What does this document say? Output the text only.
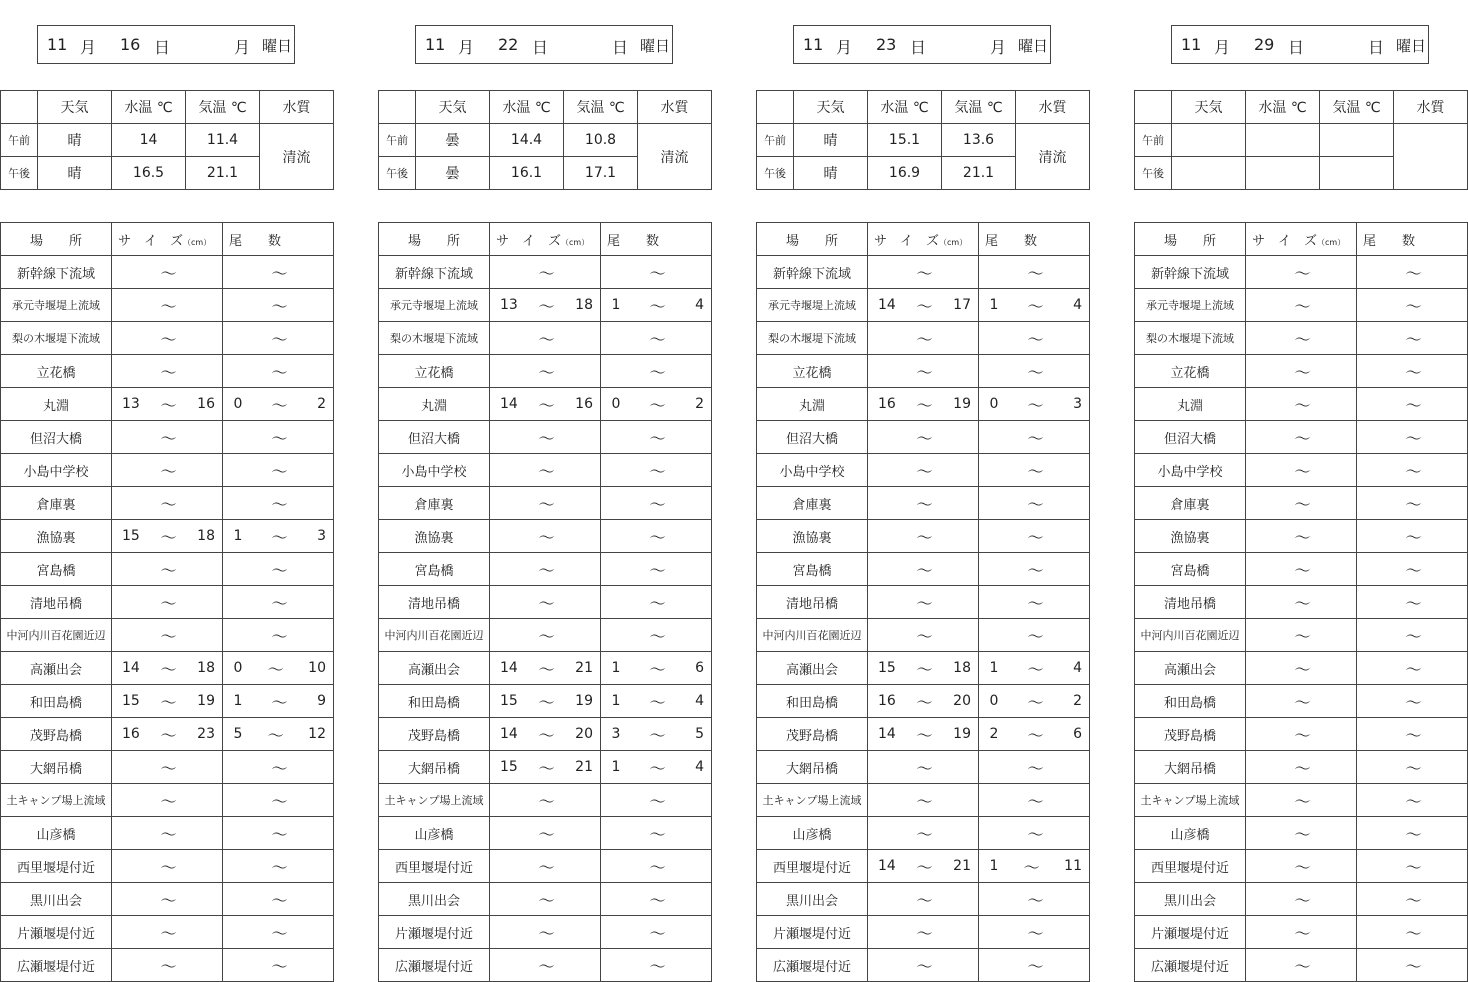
11 月 16 日	月 曜日
	天気	水温 ℃	気温 ℃	水質
午前	晴	14	11.4	清流
午後	晴	16.5	21.1	
場　　所	サ　イ　ズ（cm）	尾　　数
新幹線下流域	〜	〜

承元寺堰堤上流域	〜	〜

梨の木堰堤下流域	〜	〜

立花橋	〜	〜

丸淵	13 〜 16	0 〜 2

但沼大橋	〜	〜

小島中学校	〜	〜

倉庫裏	〜	〜

漁協裏	15 〜 18	1 〜 3

宮島橋	〜	〜

清地吊橋	〜	〜

中河内川百花園近辺	〜	〜

高瀬出会	14 〜 18	0 〜 10

和田島橋	15 〜 19	1 〜 9

茂野島橋	16 〜 23	5 〜 12

大網吊橋	〜	〜

土キャンプ場上流域	〜	〜

山彦橋	〜	〜

西里堰堤付近	〜	〜

黒川出会	〜	〜

片瀬堰堤付近	〜	〜

広瀬堰堤付近	〜	〜
11 月 22 日	日 曜日
	天気	水温 ℃	気温 ℃	水質
午前	曇	14.4	10.8	清流
午後	曇	16.1	17.1	
場　　所	サ　イ　ズ（cm）	尾　　数
新幹線下流域	〜	〜

承元寺堰堤上流域	13 〜 18	1 〜 4

梨の木堰堤下流域	〜	〜

立花橋	〜	〜

丸淵	14 〜 16	0 〜 2

但沼大橋	〜	〜

小島中学校	〜	〜

倉庫裏	〜	〜

漁協裏	〜	〜

宮島橋	〜	〜

清地吊橋	〜	〜

中河内川百花園近辺	〜	〜

高瀬出会	14 〜 21	1 〜 6

和田島橋	15 〜 19	1 〜 4

茂野島橋	14 〜 20	3 〜 5

大網吊橋	15 〜 21	1 〜 4

土キャンプ場上流域	〜	〜

山彦橋	〜	〜

西里堰堤付近	〜	〜

黒川出会	〜	〜

片瀬堰堤付近	〜	〜

広瀬堰堤付近	〜	〜
11 月 23 日	月 曜日
	天気	水温 ℃	気温 ℃	水質
午前	晴	15.1	13.6	清流
午後	晴	16.9	21.1	
場　　所	サ　イ　ズ（cm）	尾　　数
新幹線下流域	〜	〜

承元寺堰堤上流域	14 〜 17	1 〜 4

梨の木堰堤下流域	〜	〜

立花橋	〜	〜

丸淵	16 〜 19	0 〜 3

但沼大橋	〜	〜

小島中学校	〜	〜

倉庫裏	〜	〜

漁協裏	〜	〜

宮島橋	〜	〜

清地吊橋	〜	〜

中河内川百花園近辺	〜	〜

高瀬出会	15 〜 18	1 〜 4

和田島橋	16 〜 20	0 〜 2

茂野島橋	14 〜 19	2 〜 6

大網吊橋	〜	〜

土キャンプ場上流域	〜	〜

山彦橋	〜	〜

西里堰堤付近	14 〜 21	1 〜 11

黒川出会	〜	〜

片瀬堰堤付近	〜	〜

広瀬堰堤付近	〜	〜
11 月 29 日	日 曜日
	天気	水温 ℃	気温 ℃	水質
午前				
午後				
場　　所	サ　イ　ズ（cm）	尾　　数
新幹線下流域	〜	〜

承元寺堰堤上流域	〜	〜

梨の木堰堤下流域	〜	〜

立花橋	〜	〜

丸淵	〜	〜

但沼大橋	〜	〜

小島中学校	〜	〜

倉庫裏	〜	〜

漁協裏	〜	〜

宮島橋	〜	〜

清地吊橋	〜	〜

中河内川百花園近辺	〜	〜

高瀬出会	〜	〜

和田島橋	〜	〜

茂野島橋	〜	〜

大網吊橋	〜	〜

土キャンプ場上流域	〜	〜

山彦橋	〜	〜

西里堰堤付近	〜	〜

黒川出会	〜	〜

片瀬堰堤付近	〜	〜

広瀬堰堤付近	〜	〜
